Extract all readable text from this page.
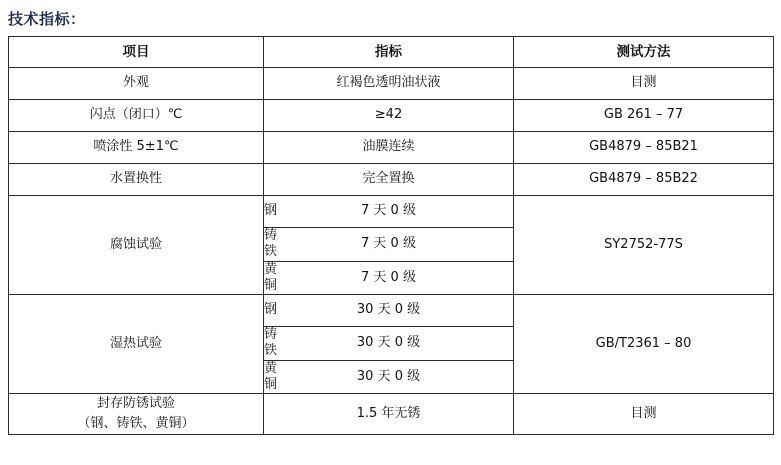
技术指标：
项目	指标	测试方法
外观	红褐色透明油状液	目测
闪点（闭口）℃	≥42	GB 261 – 77
喷涂性 5±1℃	油膜连续	GB4879 – 85B21
水置换性	完全置换	GB4879 – 85B22
腐蚀试验	钢	7 天 0 级	SY2752-77S
	铸铁	7 天 0 级	
	黄铜	7 天 0 级	
湿热试验	钢	30 天 0 级	GB/T2361 – 80
	铸铁	30 天 0 级	
	黄铜	30 天 0 级	

封存防锈试验
（钢、铸铁、黄铜）	1.5 年无锈	目测
